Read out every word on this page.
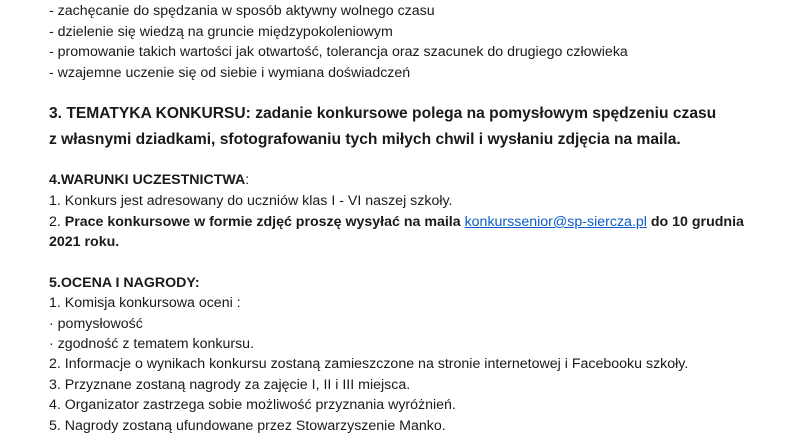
- zachęcanie do spędzania w sposób aktywny wolnego czasu
- dzielenie się wiedzą na gruncie międzypokoleniowym
- promowanie takich wartości jak otwartość, tolerancja oraz szacunek do drugiego człowieka
- wzajemne uczenie się od siebie i wymiana doświadczeń
3. TEMATYKA KONKURSU: zadanie konkursowe polega na pomysłowym spędzeniu czasu
z własnymi dziadkami, sfotografowaniu tych miłych chwil i wysłaniu zdjęcia na maila.
4.WARUNKI UCZESTNICTWA:
1. Konkurs jest adresowany do uczniów klas I - VI naszej szkoły.
2. Prace konkursowe w formie zdjęć proszę wysyłać na maila konkurssenior@sp-siercza.pl do 10 grudnia
2021 roku.
5.OCENA I NAGRODY:
1. Komisja konkursowa oceni :
· pomysłowość
· zgodność z tematem konkursu.
2. Informacje o wynikach konkursu zostaną zamieszczone na stronie internetowej i Facebooku szkoły.
3. Przyznane zostaną nagrody za zajęcie I, II i III miejsca.
4. Organizator zastrzega sobie możliwość przyznania wyróżnień.
5. Nagrody zostaną ufundowane przez Stowarzyszenie Manko.
